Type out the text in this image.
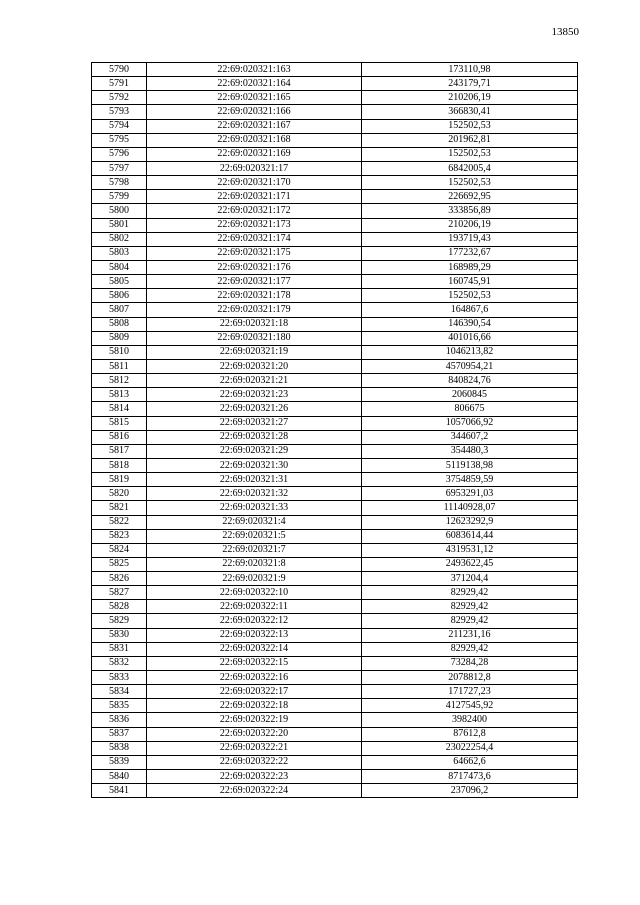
13850
5790	22:69:020321:163	173110,98
5791	22:69:020321:164	243179,71
5792	22:69:020321:165	210206,19
5793	22:69:020321:166	366830,41
5794	22:69:020321:167	152502,53
5795	22:69:020321:168	201962,81
5796	22:69:020321:169	152502,53
5797	22:69:020321:17	6842005,4
5798	22:69:020321:170	152502,53
5799	22:69:020321:171	226692,95
5800	22:69:020321:172	333856,89
5801	22:69:020321:173	210206,19
5802	22:69:020321:174	193719,43
5803	22:69:020321:175	177232,67
5804	22:69:020321:176	168989,29
5805	22:69:020321:177	160745,91
5806	22:69:020321:178	152502,53
5807	22:69:020321:179	164867,6
5808	22:69:020321:18	146390,54
5809	22:69:020321:180	401016,66
5810	22:69:020321:19	1046213,82
5811	22:69:020321:20	4570954,21
5812	22:69:020321:21	840824,76
5813	22:69:020321:23	2060845
5814	22:69:020321:26	806675
5815	22:69:020321:27	1057066,92
5816	22:69:020321:28	344607,2
5817	22:69:020321:29	354480,3
5818	22:69:020321:30	5119138,98
5819	22:69:020321:31	3754859,59
5820	22:69:020321:32	6953291,03
5821	22:69:020321:33	11140928,07
5822	22:69:020321:4	12623292,9
5823	22:69:020321:5	6083614,44
5824	22:69:020321:7	4319531,12
5825	22:69:020321:8	2493622,45
5826	22:69:020321:9	371204,4
5827	22:69:020322:10	82929,42
5828	22:69:020322:11	82929,42
5829	22:69:020322:12	82929,42
5830	22:69:020322:13	211231,16
5831	22:69:020322:14	82929,42
5832	22:69:020322:15	73284,28
5833	22:69:020322:16	2078812,8
5834	22:69:020322:17	171727,23
5835	22:69:020322:18	4127545,92
5836	22:69:020322:19	3982400
5837	22:69:020322:20	87612,8
5838	22:69:020322:21	23022254,4
5839	22:69:020322:22	64662,6
5840	22:69:020322:23	8717473,6
5841	22:69:020322:24	237096,2
